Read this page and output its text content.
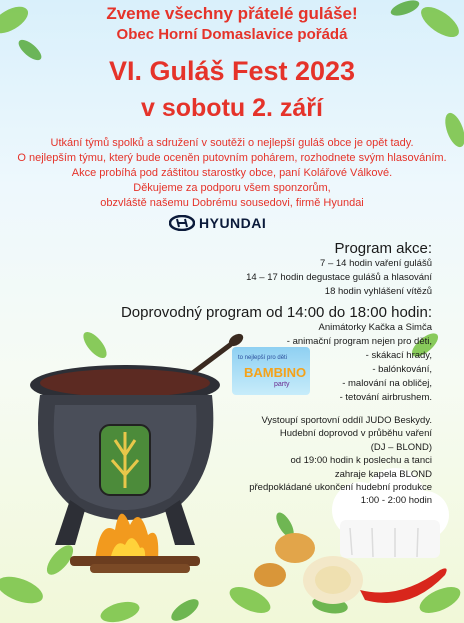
Zveme všechny přátelé guláše!
Obec Horní Domaslavice pořádá
VI. Guláš Fest 2023
v sobotu 2. září
Utkání týmů spolků a sdružení v soutěži o nejlepší guláš obce je opět tady.
O nejlepším týmu, který bude oceněn putovním pohárem, rozhodnete svým hlasováním.
Akce probíhá pod záštitou starostky obce, paní Kolářové Válkové.
Děkujeme za podporu všem sponzorům,
obzvláště našemu Dobrému sousedovi, firmě Hyundai
HYUNDAI
Program akce:
7 – 14 hodin vaření gulášů
14 – 17 hodin degustace gulášů a hlasování
18 hodin vyhlášení vítězů
Doprovodný program od 14:00 do 18:00 hodin:
Animátorky Kačka a Simča
- animační program nejen pro děti,
- skákací hrady,
- balónkování,
- malování na obličej,
- tetování airbrushem.
to nejlepší pro děti
BAMBINO
party
Vystoupí sportovní oddíl JUDO Beskydy.
Hudební doprovod v průběhu vaření
(DJ – BLOND)
od 19:00 hodin k poslechu a tanci
zahraje kapela BLOND
předpokládané ukončení hudební produkce
1:00 - 2:00 hodin
